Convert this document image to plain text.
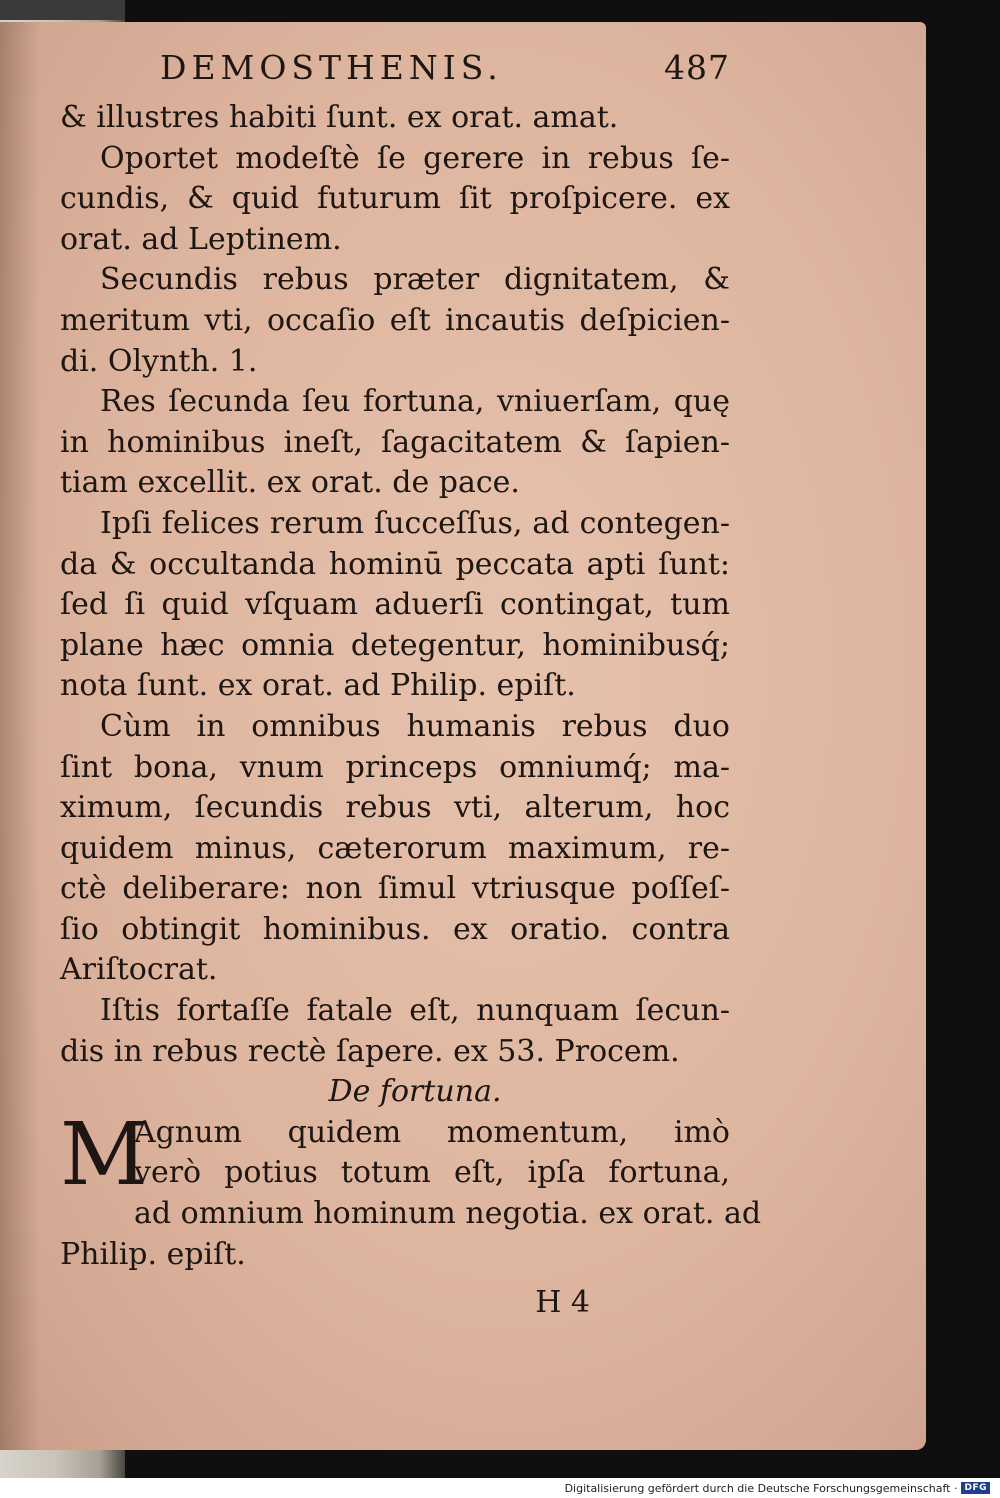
DEMOSTHENIS.	487
& illustres habiti ſunt. ex orat. amat.
Oportet modeſtè ſe gerere in rebus ſe-
cundis, & quid futurum ſit proſpicere. ex
orat. ad Leptinem.
Secundis rebus præter dignitatem, &
meritum vti, occaſio eſt incautis deſpicien-
di. Olynth. 1.
Res ſecunda ſeu fortuna, vniuerſam, quę
in hominibus ineſt, ſagacitatem & ſapien-
tiam excellit. ex orat. de pace.
Ipſi felices rerum ſucceſſus, ad contegen-
da & occultanda hominū peccata apti ſunt:
ſed ſi quid vſquam aduerſi contingat, tum
plane hæc omnia detegentur, hominibusq́;
nota ſunt. ex orat. ad Philip. epiſt.
Cùm in omnibus humanis rebus duo
ſint bona, vnum princeps omniumq́; ma-
ximum, ſecundis rebus vti, alterum, hoc
quidem minus, cæterorum maximum, re-
ctè deliberare: non ſimul vtriusque poſſeſ-
ſio obtingit hominibus. ex oratio. contra
Ariſtocrat.
Iſtis fortaſſe fatale eſt, nunquam ſecun-
dis in rebus rectè ſapere. ex 53. Procem.
De fortuna.
M
Agnum quidem momentum, imò
verò potius totum eſt, ipſa fortuna,
ad omnium hominum negotia. ex orat. ad
Philip. epiſt.
H 4
Digitalisierung gefördert durch die Deutsche Forschungsgemeinschaft · DFG
